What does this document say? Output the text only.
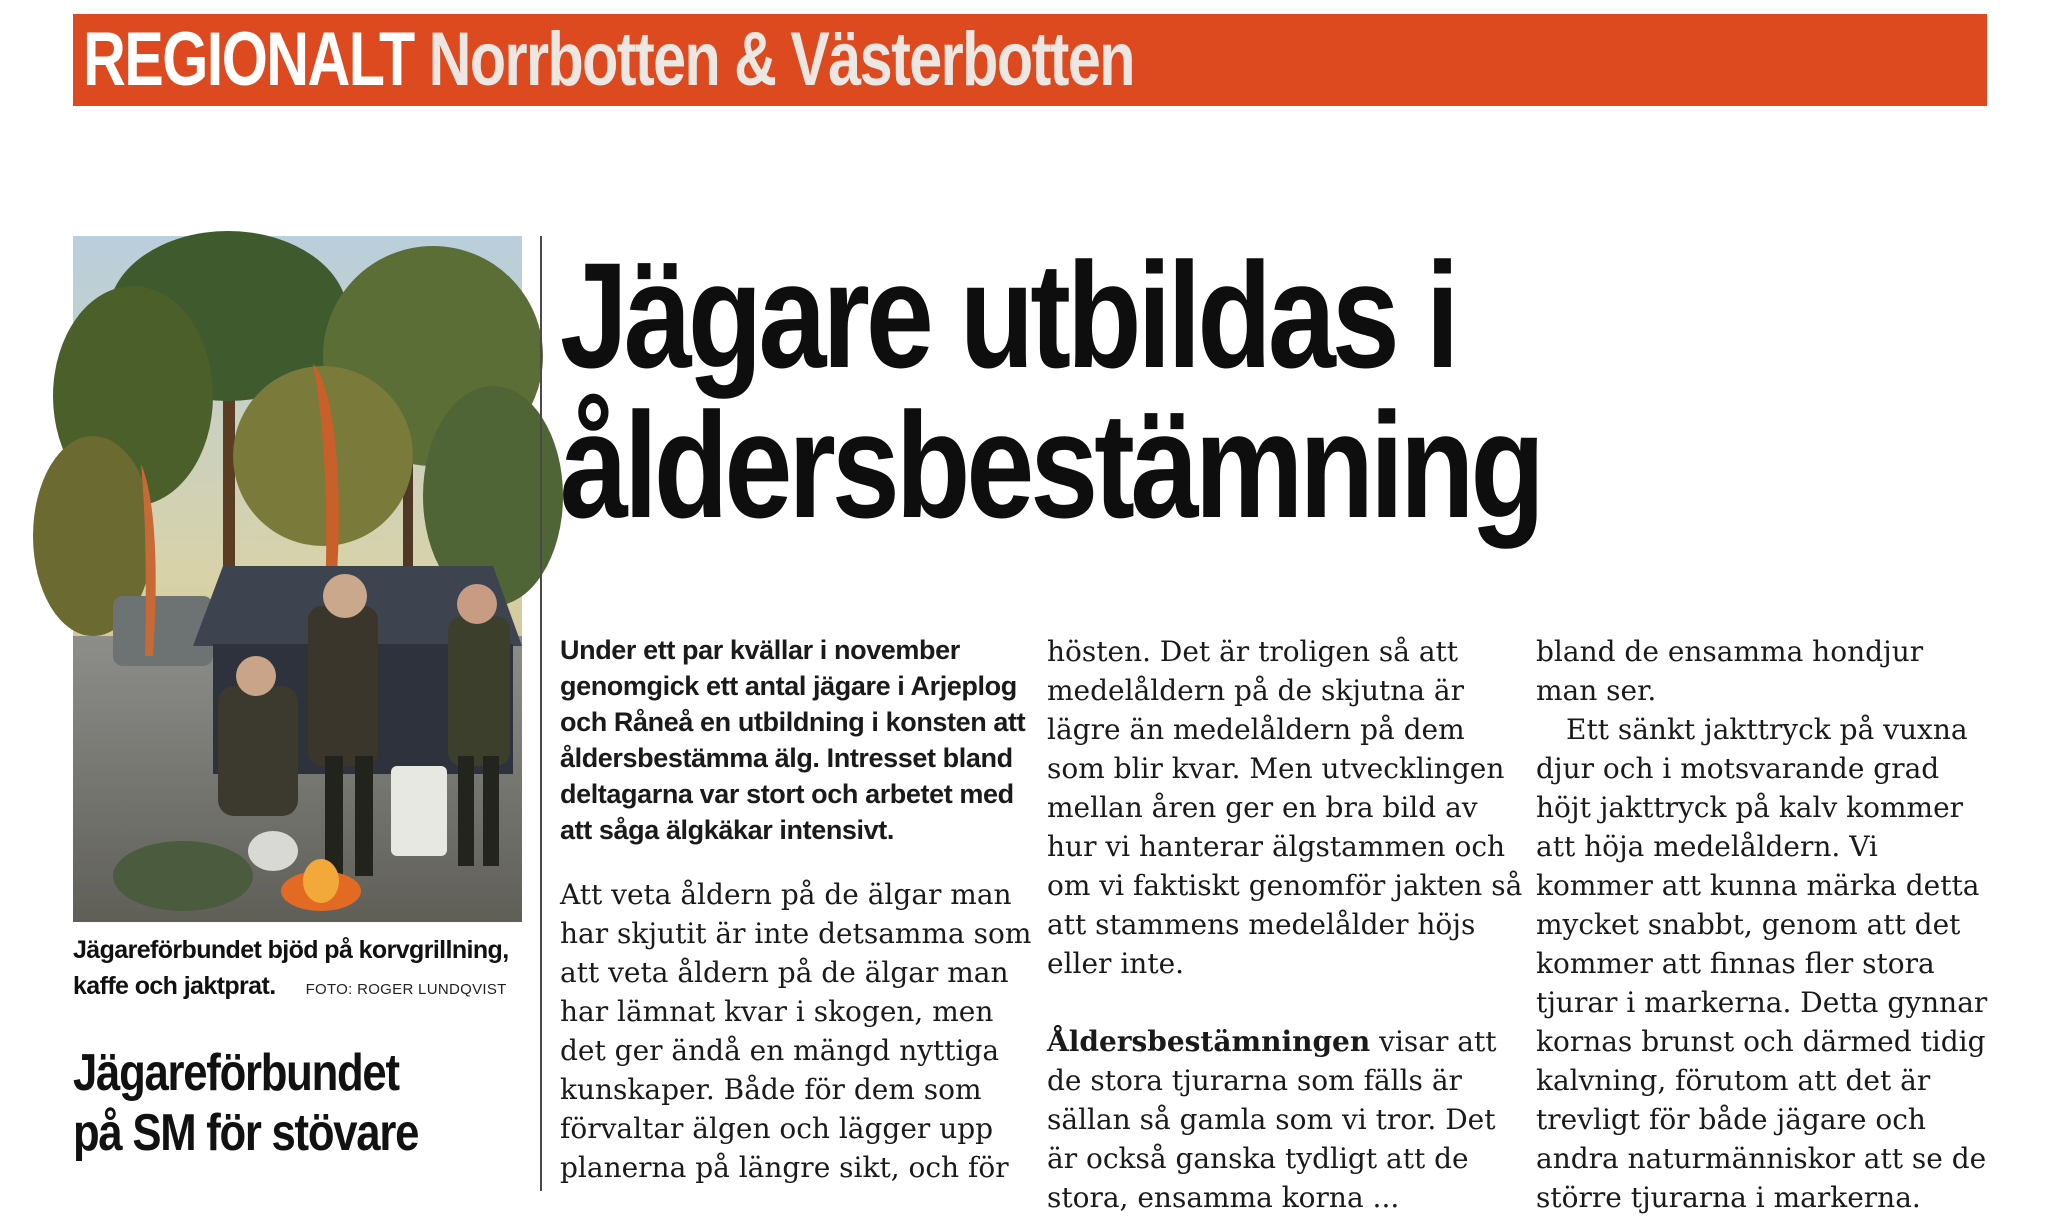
REGIONALT Norrbotten & Västerbotten
Jägareförbundet bjöd på korvgrillning, kaffe och jaktprat. FOTO: ROGER LUNDQVIST
Jägareförbundet
på SM för stövare
Jägare utbildas i
åldersbestämning

Under ett par kvällar i november genomgick ett antal jägare i Arjeplog och Råneå en utbildning i konsten att åldersbestämma älg. Intresset bland deltagarna var stort och arbetet med att såga älgkäkar intensivt.

Att veta åldern på de älgar man har skjutit är inte detsamma som att veta åldern på de älgar man har lämnat kvar i skogen, men det ger ändå en mängd nyttiga kunskaper. Både för dem som förvaltar älgen och lägger upp planerna på längre sikt, och för

hösten. Det är troligen så att medelåldern på de skjutna är lägre än medelåldern på dem som blir kvar. Men utvecklingen mellan åren ger en bra bild av hur vi hanterar älgstammen och om vi faktiskt genomför jakten så att stammens medelålder höjs eller inte.

Åldersbestämningen visar att de stora tjurarna som fälls är sällan så gamla som vi tror. Det är också ganska tydligt att de stora, ensamma korna ...

bland de ensamma hondjur man ser.

Ett sänkt jakttryck på vuxna djur och i motsvarande grad höjt jakttryck på kalv kommer att höja medelåldern. Vi kommer att kunna märka detta mycket snabbt, genom att det kommer att finnas fler stora tjurar i markerna. Detta gynnar kornas brunst och därmed tidig kalvning, förutom att det är trevligt för både jägare och andra naturmänniskor att se de större tjurarna i markerna.
